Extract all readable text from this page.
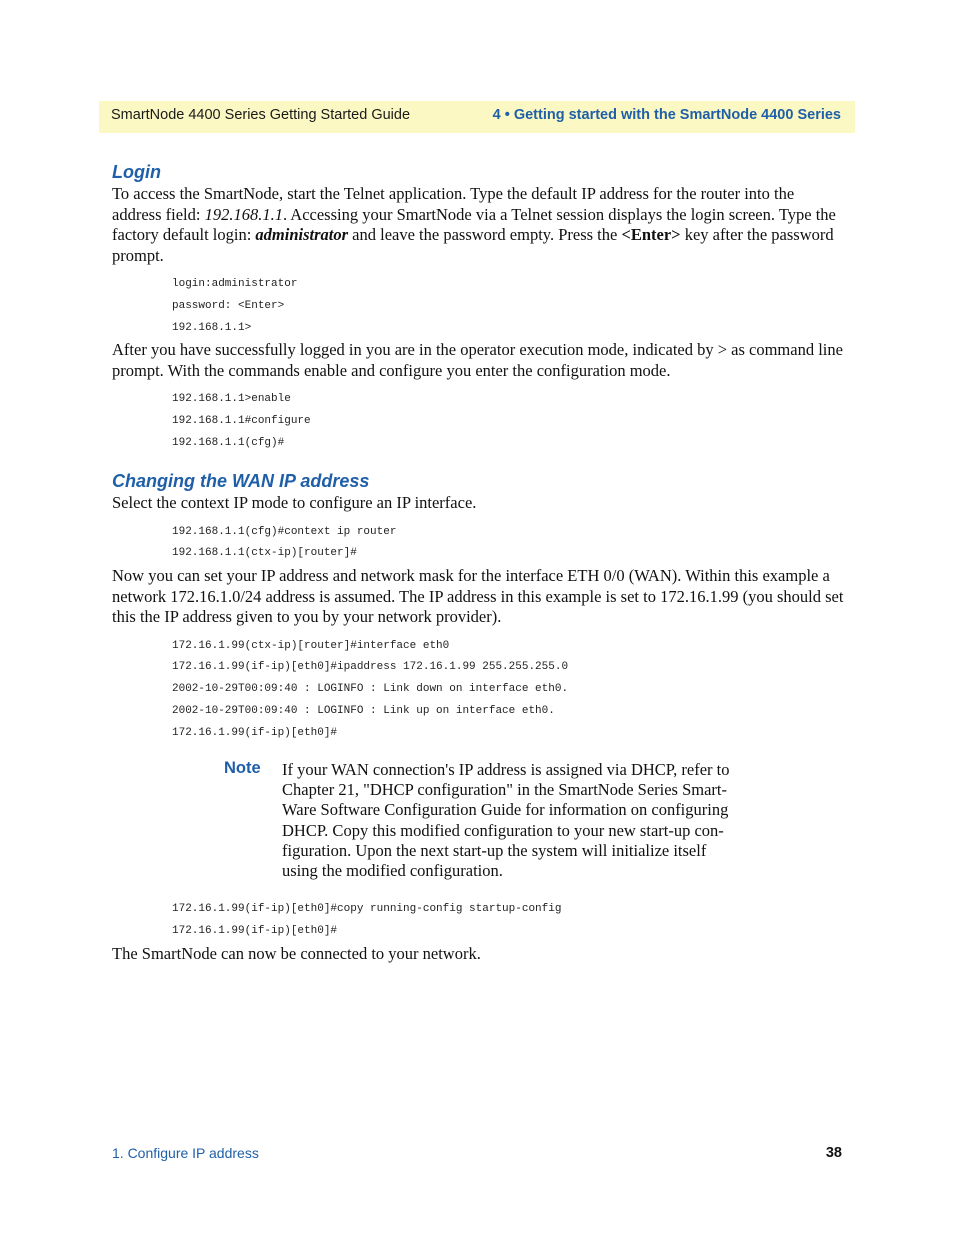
SmartNode 4400 Series Getting Started Guide	4 • Getting started with the SmartNode 4400 Series
Login

To access the SmartNode, start the Telnet application. Type the default IP address for the router into the address field: 192.168.1.1. Accessing your SmartNode via a Telnet session displays the login screen. Type the factory default login: administrator and leave the password empty. Press the <Enter> key after the password prompt.

login:administrator
password: <Enter>
192.168.1.1>

After you have successfully logged in you are in the operator execution mode, indicated by > as command line prompt. With the commands enable and configure you enter the configuration mode.

192.168.1.1>enable
192.168.1.1#configure
192.168.1.1(cfg)#
Changing the WAN IP address

Select the context IP mode to configure an IP interface.

192.168.1.1(cfg)#context ip router
192.168.1.1(ctx-ip)[router]#

Now you can set your IP address and network mask for the interface ETH 0/0 (WAN). Within this example a network 172.16.1.0/24 address is assumed. The IP address in this example is set to 172.16.1.99 (you should set this the IP address given to you by your network provider).

172.16.1.99(ctx-ip)[router]#interface eth0
172.16.1.99(if-ip)[eth0]#ipaddress 172.16.1.99 255.255.255.0
2002-10-29T00:09:40 : LOGINFO : Link down on interface eth0.
2002-10-29T00:09:40 : LOGINFO : Link up on interface eth0.
172.16.1.99(if-ip)[eth0]#
Note If your WAN connection's IP address is assigned via DHCP, refer to
Chapter 21, "DHCP configuration" in the SmartNode Series Smart-
Ware Software Configuration Guide for information on configuring
DHCP. Copy this modified configuration to your new start-up con-
figuration. Upon the next start-up the system will initialize itself
using the modified configuration.
172.16.1.99(if-ip)[eth0]#copy running-config startup-config
172.16.1.99(if-ip)[eth0]#

The SmartNode can now be connected to your network.

1. Configure IP address	38
